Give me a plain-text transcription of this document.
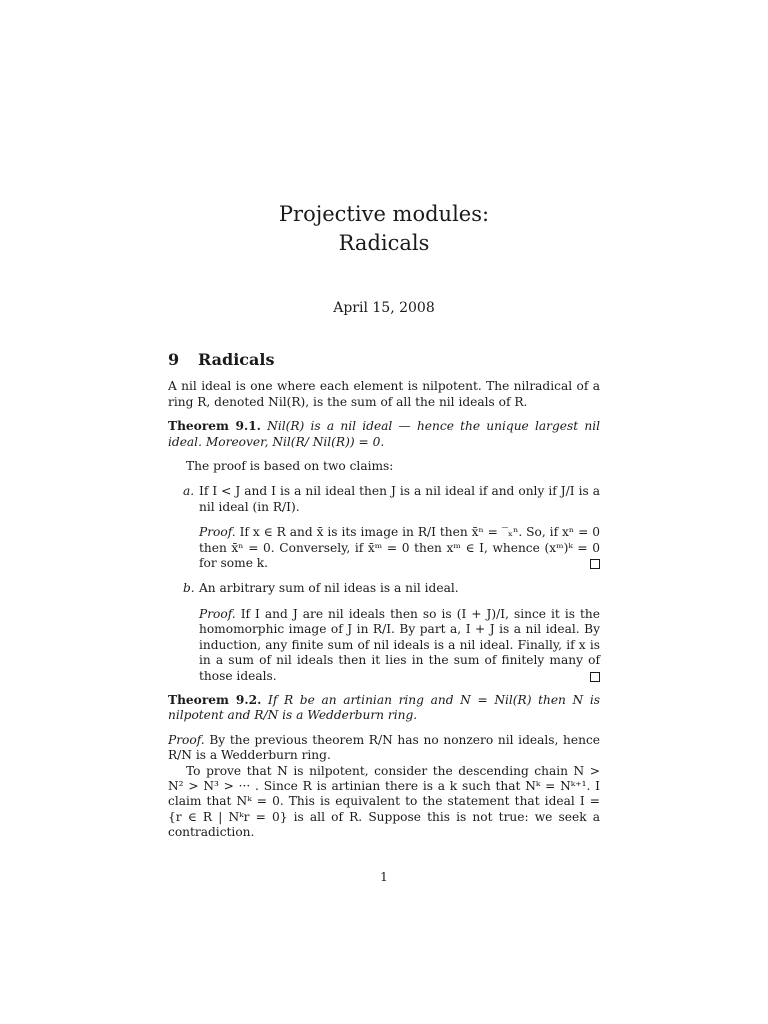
Projective modules:
Radicals
April 15, 2008
9 Radicals

A nil ideal is one where each element is nilpotent. The nilradical of a ring R, denoted Nil(R), is the sum of all the nil ideals of R.

Theorem 9.1. Nil(R) is a nil ideal — hence the unique largest nil ideal. Moreover, Nil(R/ Nil(R)) = 0.

The proof is based on two claims:

a. If I < J and I is a nil ideal then J is a nil ideal if and only if J/I is a nil ideal (in R/I).

Proof. If x ∈ R and x̄ is its image in R/I then x̄ⁿ = ‾ₓⁿ. So, if xⁿ = 0 then x̄ⁿ = 0. Conversely, if x̄ᵐ = 0 then xᵐ ∈ I, whence (xᵐ)ᵏ = 0 for some k.

b. An arbitrary sum of nil ideas is a nil ideal.

Proof. If I and J are nil ideals then so is (I + J)/I, since it is the homomorphic image of J in R/I. By part a, I + J is a nil ideal. By induction, any finite sum of nil ideals is a nil ideal. Finally, if x is in a sum of nil ideals then it lies in the sum of finitely many of those ideals.

Theorem 9.2. If R be an artinian ring and N = Nil(R) then N is nilpotent and R/N is a Wedderburn ring.

Proof. By the previous theorem R/N has no nonzero nil ideals, hence R/N is a Wedderburn ring.

To prove that N is nilpotent, consider the descending chain N > N² > N³ > ··· . Since R is artinian there is a k such that Nᵏ = Nᵏ⁺¹. I claim that Nᵏ = 0. This is equivalent to the statement that ideal I = {r ∈ R | Nᵏr = 0} is all of R. Suppose this is not true: we seek a contradiction.

1
